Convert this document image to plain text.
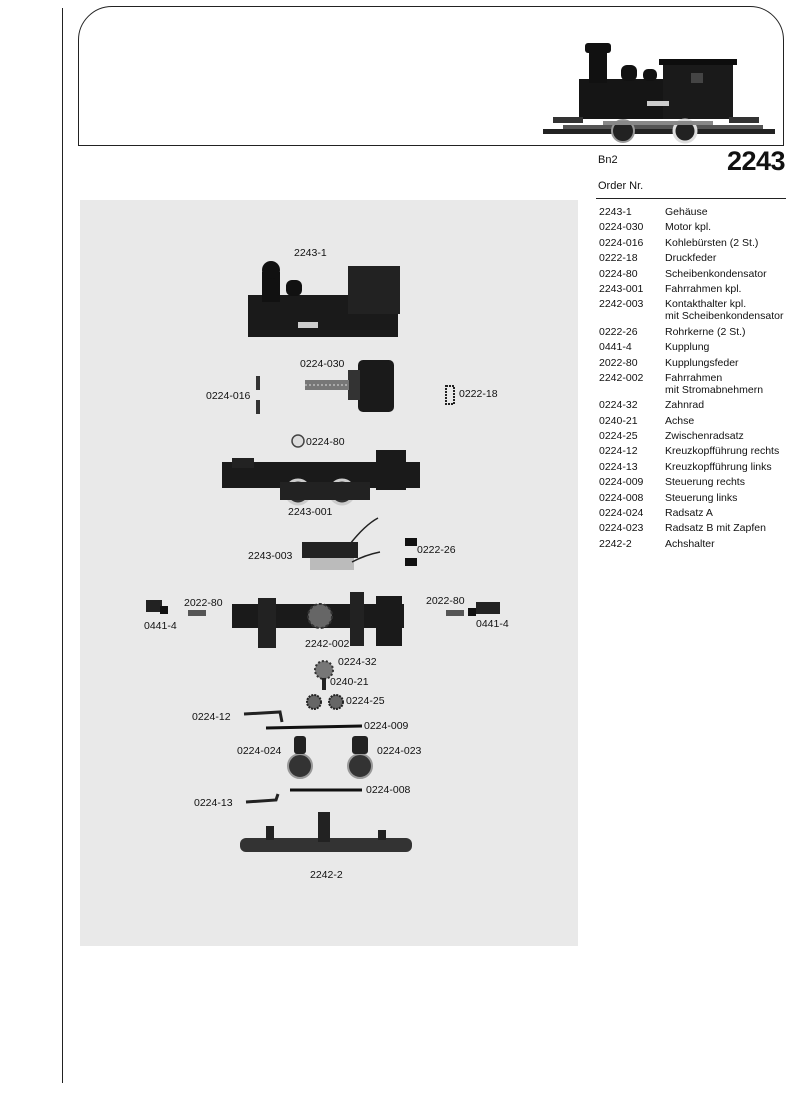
Bn2	2243
Order Nr.
2243-1	Gehäuse
0224-030	Motor kpl.
0224-016	Kohlebürsten (2 St.)
0222-18	Druckfeder
0224-80	Scheibenkondensator
2243-001	Fahrrahmen kpl.
2242-003	Kontakthalter kpl.
mit Scheibenkondensator
0222-26	Rohrkerne (2 St.)
0441-4	Kupplung
2022-80	Kupplungsfeder
2242-002	Fahrrahmen
mit Stromabnehmern
0224-32	Zahnrad
0240-21	Achse
0224-25	Zwischenradsatz
0224-12	Kreuzkopfführung rechts
0224-13	Kreuzkopfführung links
0224-009	Steuerung rechts
0224-008	Steuerung links
0224-024	Radsatz A
0224-023	Radsatz B mit Zapfen
2242-2	Achshalter
2243-1
0224-030
0224-016	0222-18
0224-80
2243-001
2243-003	0222-26
0441-4
2022-80	2022-80
0441-4
2242-002
0224-32
0240-21
0224-25
0224-12
0224-009
0224-024	0224-023
0224-008
0224-13
2242-2
